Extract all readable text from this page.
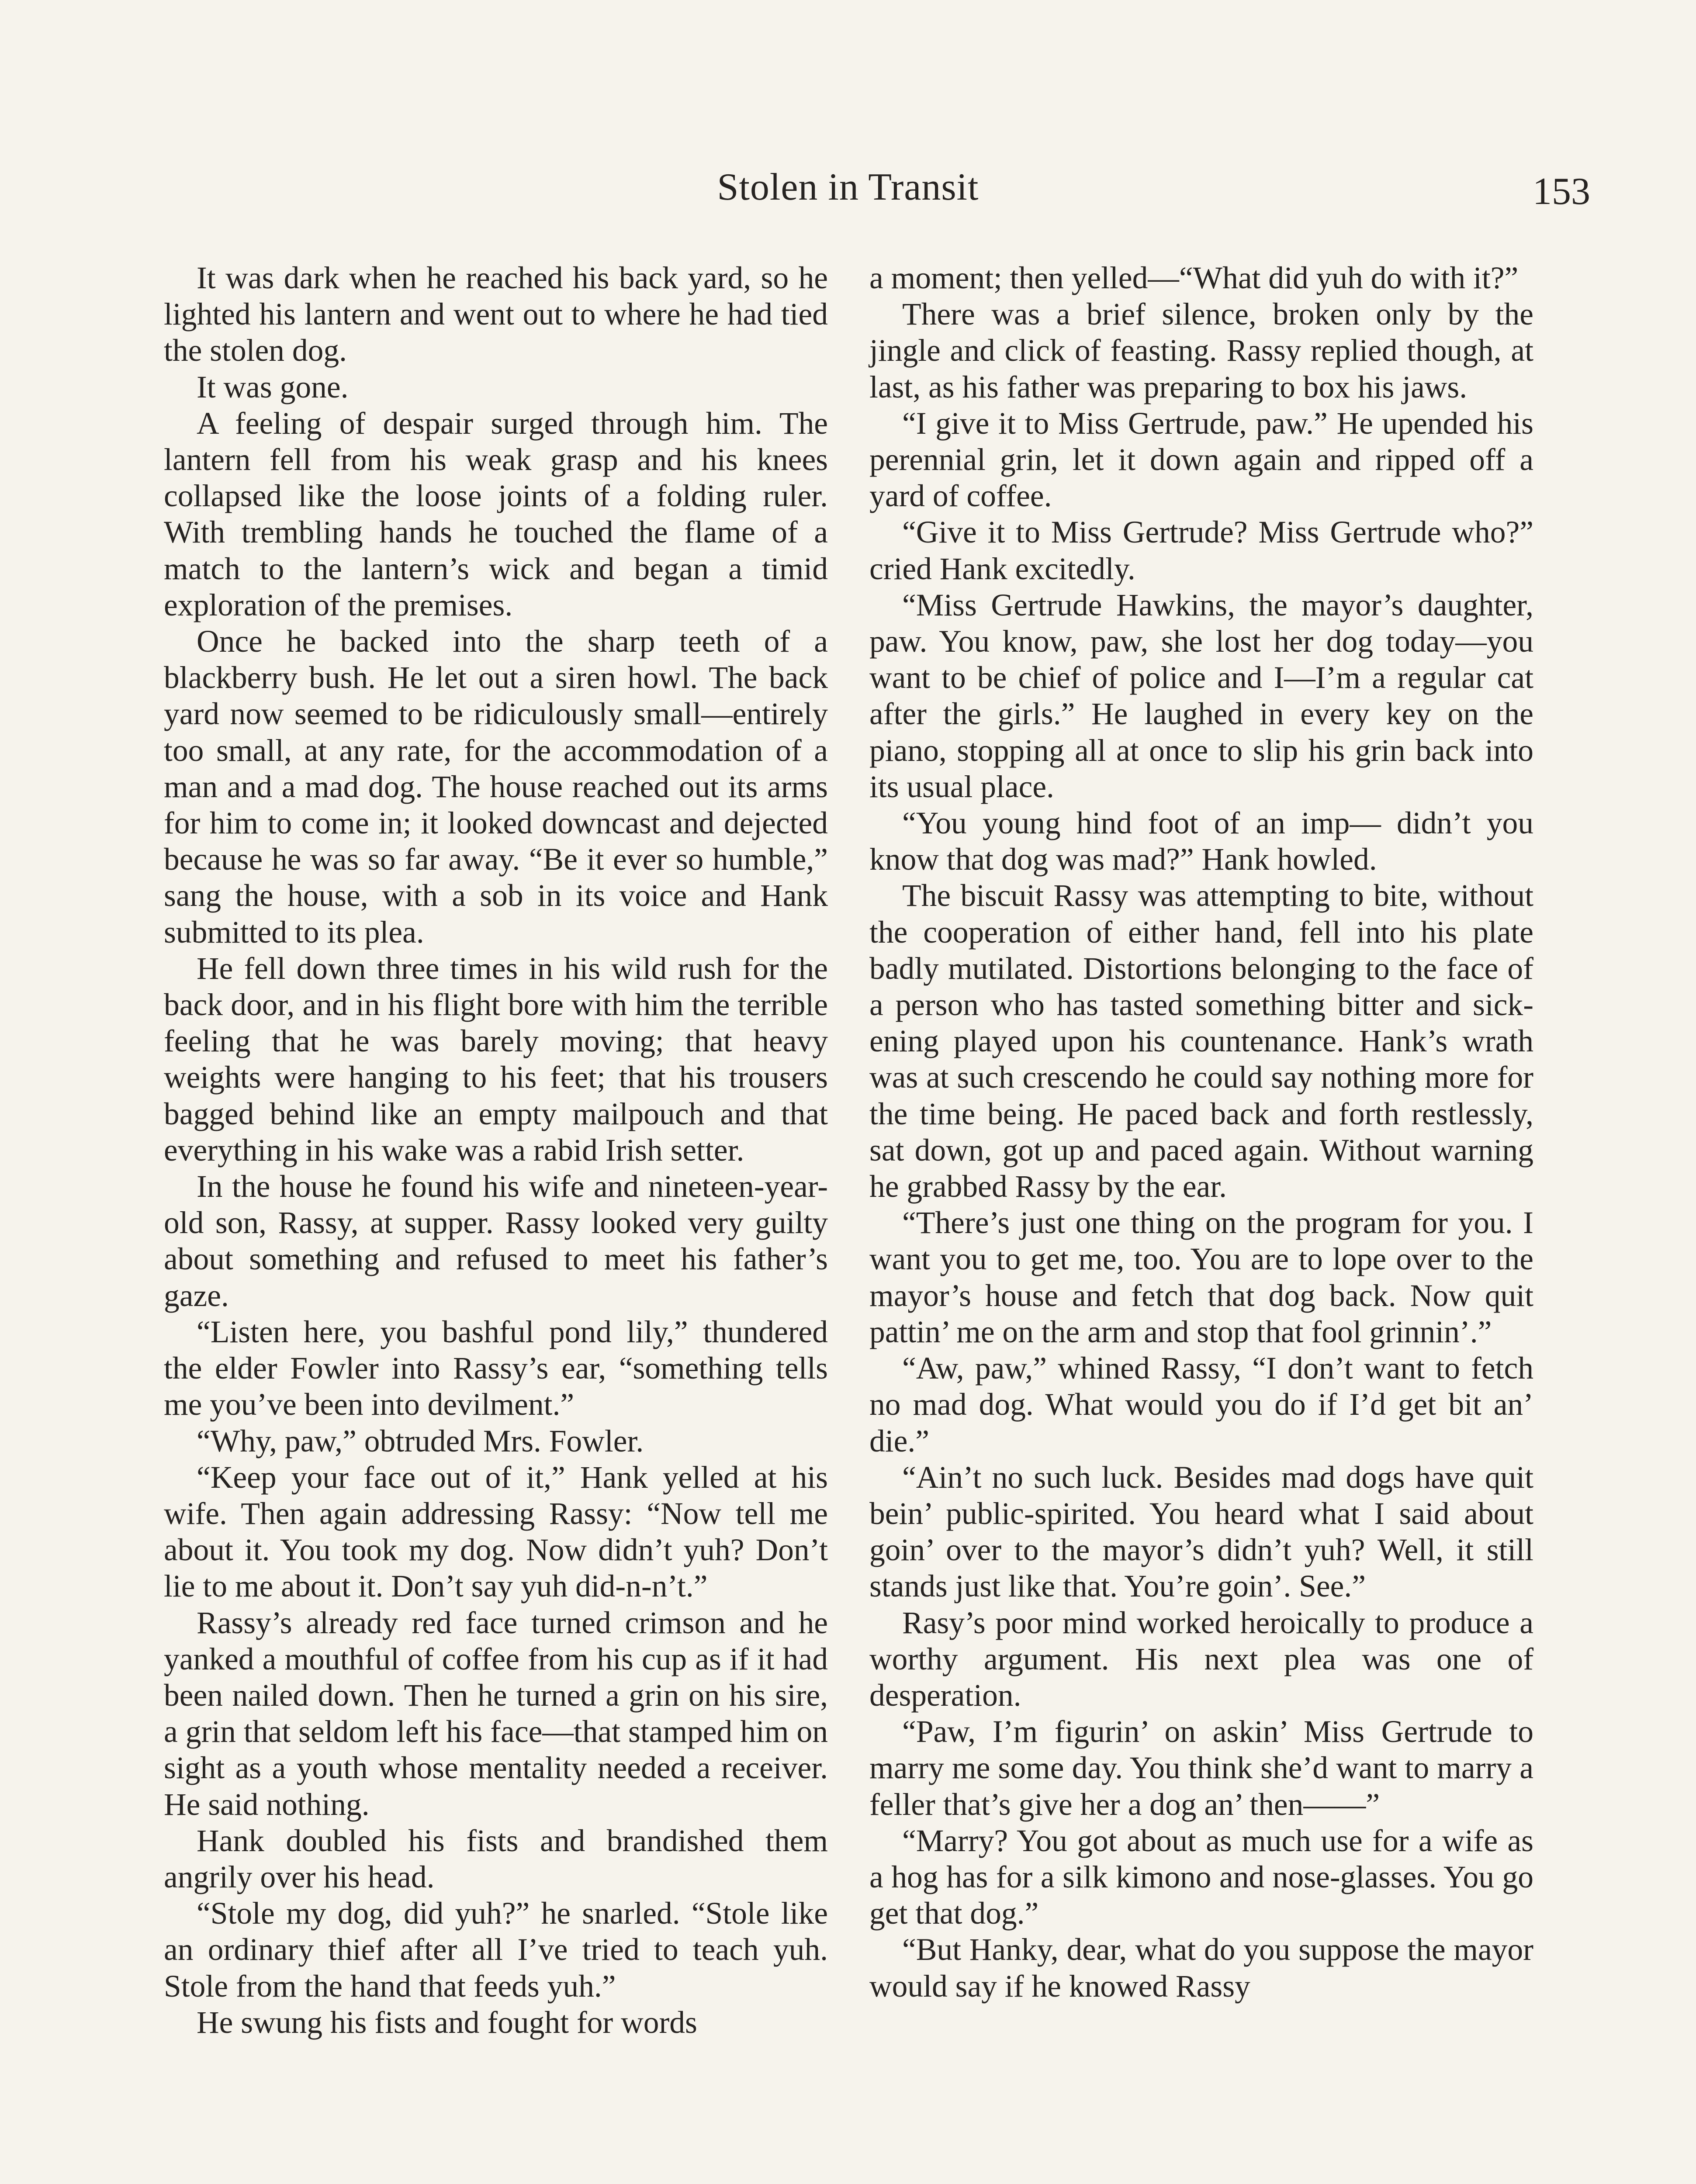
Stolen in Transit	153

It was dark when he reached his back yard, so he lighted his lantern and went out to where he had tied the stolen dog.

It was gone.

A feeling of despair surged through him. The lantern fell from his weak grasp and his knees collapsed like the loose joints of a folding ruler. With trembling hands he touched the flame of a match to the lantern’s wick and began a timid exploration of the premises.

Once he backed into the sharp teeth of a blackberry bush. He let out a siren howl. The back yard now seemed to be ridiculously small—entirely too small, at any rate, for the accommodation of a man and a mad dog. The house reached out its arms for him to come in; it looked downcast and dejected because he was so far away. “Be it ever so humble,” sang the house, with a sob in its voice and Hank submitted to its plea.

He fell down three times in his wild rush for the back door, and in his flight bore with him the terrible feeling that he was barely moving; that heavy weights were hanging to his feet; that his trousers bagged behind like an empty mailpouch and that everything in his wake was a rabid Irish setter.

In the house he found his wife and nineteen-year-old son, Rassy, at supper. Rassy looked very guilty about something and refused to meet his father’s gaze.

“Listen here, you bashful pond lily,” thundered the elder Fowler into Rassy’s ear, “something tells me you’ve been into devilment.”

“Why, paw,” obtruded Mrs. Fowler.

“Keep your face out of it,” Hank yelled at his wife. Then again addressing Rassy: “Now tell me about it. You took my dog. Now didn’t yuh? Don’t lie to me about it. Don’t say yuh did-n-n’t.”

Rassy’s already red face turned crimson and he yanked a mouthful of coffee from his cup as if it had been nailed down. Then he turned a grin on his sire, a grin that seldom left his face—that stamped him on sight as a youth whose mentality needed a receiver. He said nothing.

Hank doubled his fists and brandished them angrily over his head.

“Stole my dog, did yuh?” he snarled. “Stole like an ordinary thief after all I’ve tried to teach yuh. Stole from the hand that feeds yuh.”

He swung his fists and fought for words

a moment; then yelled—“What did yuh do with it?”

There was a brief silence, broken only by the jingle and click of feasting. Rassy replied though, at last, as his father was preparing to box his jaws.

“I give it to Miss Gertrude, paw.” He upended his perennial grin, let it down again and ripped off a yard of coffee.

“Give it to Miss Gertrude? Miss Gertrude who?” cried Hank excitedly.

“Miss Gertrude Hawkins, the mayor’s daughter, paw. You know, paw, she lost her dog today—you want to be chief of police and I—I’m a regular cat after the girls.” He laughed in every key on the piano, stopping all at once to slip his grin back into its usual place.

“You young hind foot of an imp— didn’t you know that dog was mad?” Hank howled.

The biscuit Rassy was attempting to bite, without the cooperation of either hand, fell into his plate badly mutilated. Distortions belonging to the face of a person who has tasted something bitter and sickening played upon his countenance. Hank’s wrath was at such crescendo he could say nothing more for the time being. He paced back and forth restlessly, sat down, got up and paced again. Without warning he grabbed Rassy by the ear.

“There’s just one thing on the program for you. I want you to get me, too. You are to lope over to the mayor’s house and fetch that dog back. Now quit pattin’ me on the arm and stop that fool grinnin’.”

“Aw, paw,” whined Rassy, “I don’t want to fetch no mad dog. What would you do if I’d get bit an’ die.”

“Ain’t no such luck. Besides mad dogs have quit bein’ public-spirited. You heard what I said about goin’ over to the mayor’s didn’t yuh? Well, it still stands just like that. You’re goin’. See.”

Rasy’s poor mind worked heroically to produce a worthy argument. His next plea was one of desperation.

“Paw, I’m figurin’ on askin’ Miss Gertrude to marry me some day. You think she’d want to marry a feller that’s give her a dog an’ then——”

“Marry? You got about as much use for a wife as a hog has for a silk kimono and nose-glasses. You go get that dog.”

“But Hanky, dear, what do you suppose the mayor would say if he knowed Rassy
